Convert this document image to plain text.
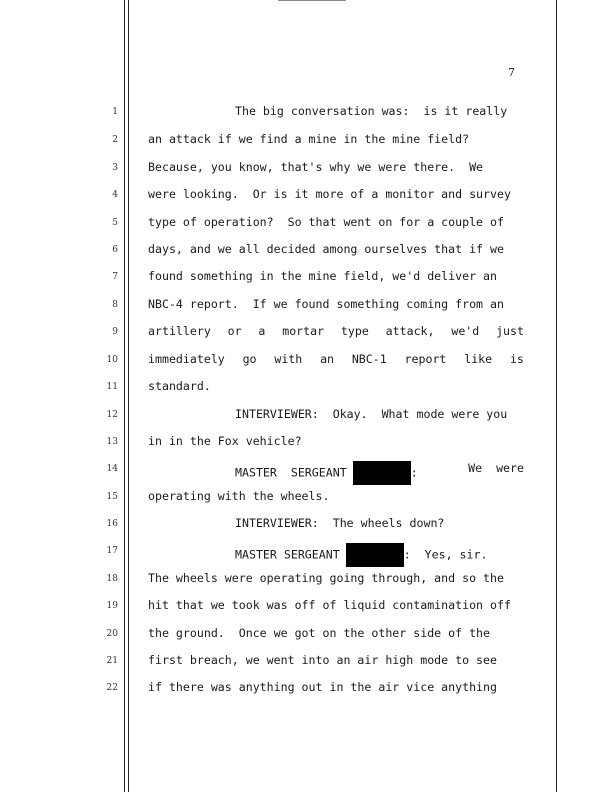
7
1
2
3
4
5
6
7
8
9
10
11
12
13
14
15
16
17
18
19
20
21
22
The big conversation was:  is it really
an attack if we find a mine in the mine field?
Because, you know, that's why we were there.  We
were looking.  Or is it more of a monitor and survey
type of operation?  So that went on for a couple of
days, and we all decided among ourselves that if we
found something in the mine field, we'd deliver an
NBC-4 report.  If we found something coming from an
artillery or a mortar type attack, we'd just
immediately go with an NBC-1 report like is
standard.
INTERVIEWER:  Okay.  What mode were you
in in the Fox vehicle?
MASTER  SERGEANT	:	We  were
operating with the wheels.
INTERVIEWER:  The wheels down?
MASTER SERGEANT	:  Yes, sir.
The wheels were operating going through, and so the
hit that we took was off of liquid contamination off
the ground.  Once we got on the other side of the
first breach, we went into an air high mode to see
if there was anything out in the air vice anything
